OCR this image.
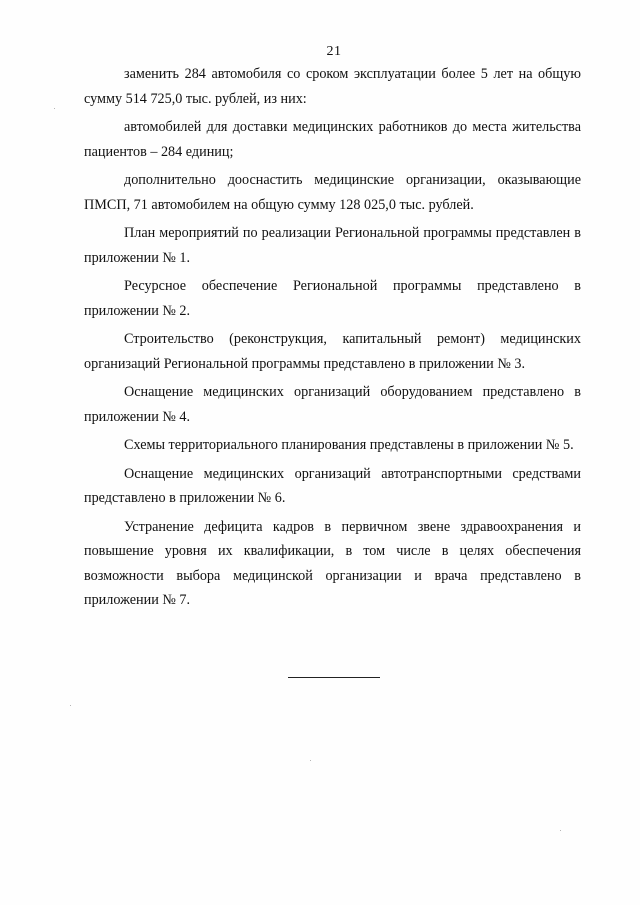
21

заменить 284 автомобиля со сроком эксплуатации более 5 лет на общую сумму 514 725,0 тыс. рублей, из них:

автомобилей для доставки медицинских работников до места жительства пациентов – 284 единиц;

дополнительно дооснастить медицинские организации, оказывающие ПМСП, 71 автомобилем на общую сумму 128 025,0 тыс. рублей.

План мероприятий по реализации Региональной программы представлен в приложении № 1.

Ресурсное обеспечение Региональной программы представлено в приложении № 2.

Строительство (реконструкция, капитальный ремонт) медицинских организаций Региональной программы представлено в приложении № 3.

Оснащение медицинских организаций оборудованием представлено в приложении № 4.

Схемы территориального планирования представлены в приложении № 5.

Оснащение медицинских организаций автотранспортными средствами представлено в приложении № 6.

Устранение дефицита кадров в первичном звене здравоохранения и повышение уровня их квалификации, в том числе в целях обеспечения возможности выбора медицинской организации и врача представлено в приложении № 7.
